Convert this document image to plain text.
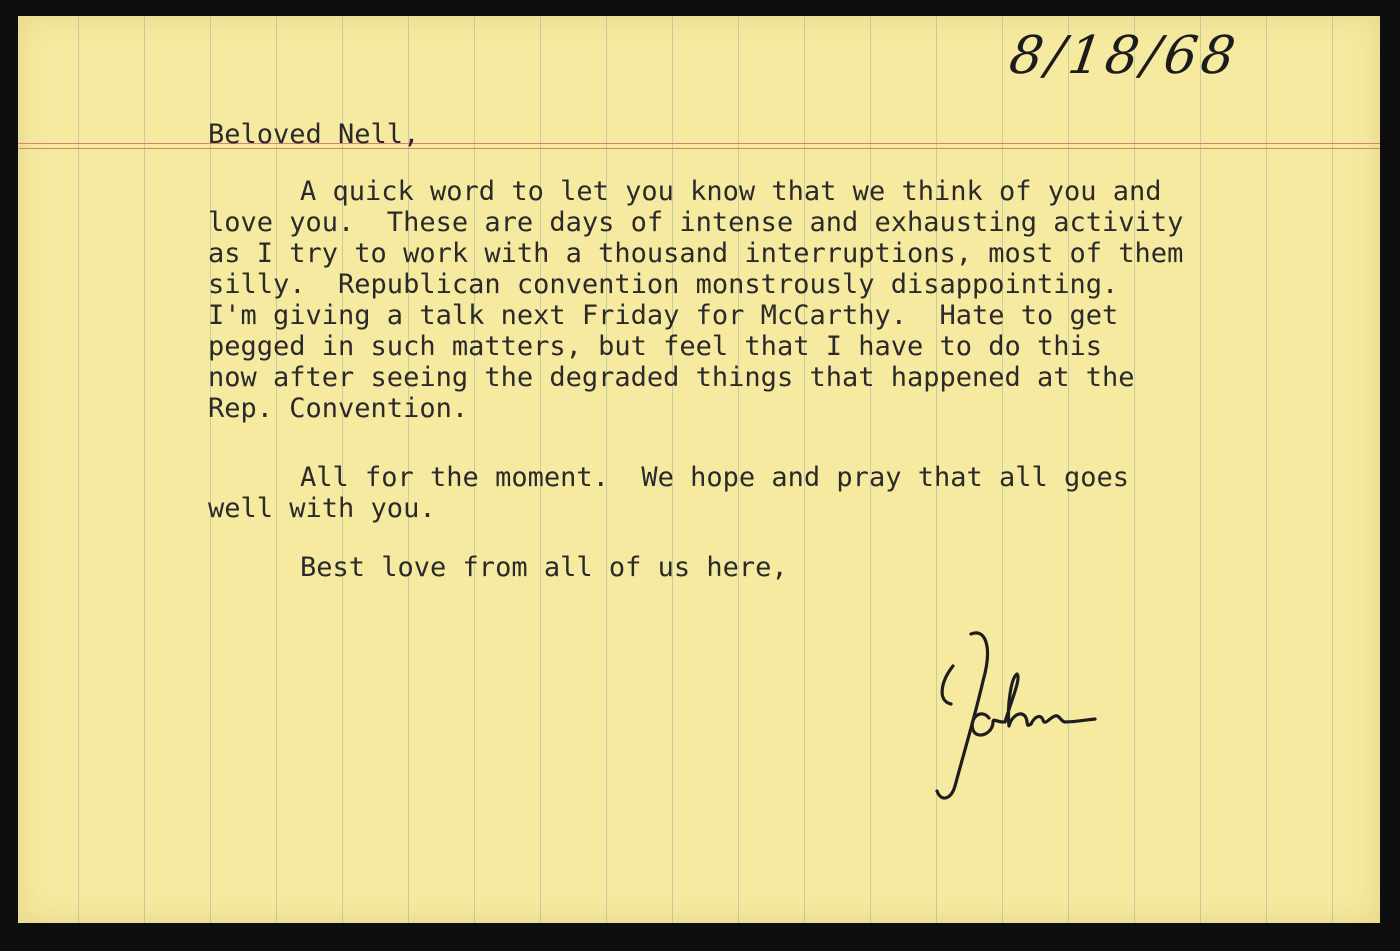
8/18/68
Beloved Nell,
A quick word to let you know that we think of you and
love you.  These are days of intense and exhausting activity
as I try to work with a thousand interruptions, most of them
silly.  Republican convention monstrously disappointing.
I'm giving a talk next Friday for McCarthy.  Hate to get
pegged in such matters, but feel that I have to do this
now after seeing the degraded things that happened at the
Rep. Convention.
All for the moment.  We hope and pray that all goes
well with you.
Best love from all of us here,
